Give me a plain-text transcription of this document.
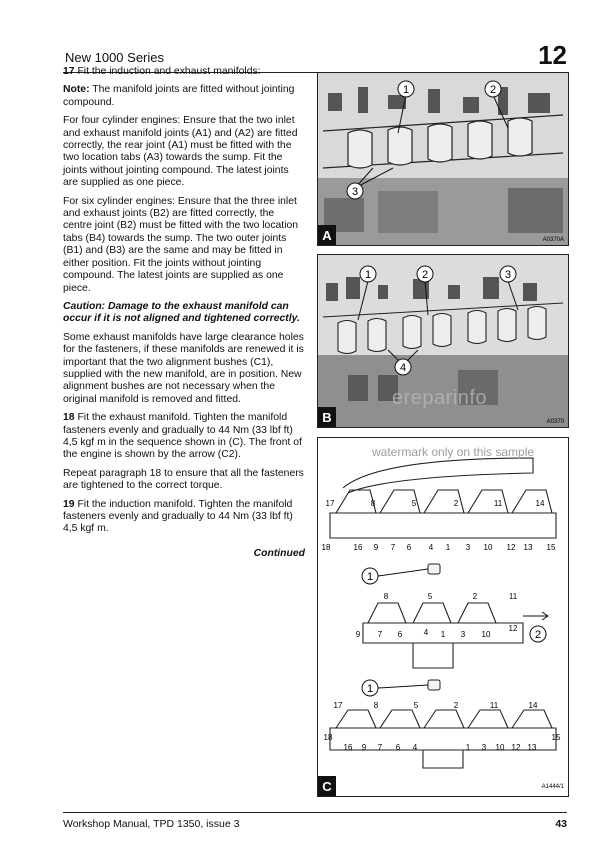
New 1000 Series	12

17 Fit the induction and exhaust manifolds:

Note: The manifold joints are fitted without jointing compound.

For four cylinder engines: Ensure that the two inlet and exhaust manifold joints (A1) and (A2) are fitted correctly, the rear joint (A1) must be fitted with the two location tabs (A3) towards the sump. Fit the joints without jointing compound. The latest joints are supplied as one piece.

For six cylinder engines: Ensure that the three inlet and exhaust joints (B2) are fitted correctly, the centre joint (B2) must be fitted with the two location tabs (B4) towards the sump. The two outer joints (B1) and (B3) are the same and may be fitted in either position. Fit the joints without jointing compound. The latest joints are supplied as one piece.

Caution: Damage to the exhaust manifold can occur if it is not aligned and tightened correctly.

Some exhaust manifolds have large clearance holes for the fasteners, if these manifolds are renewed it is important that the two alignment bushes (C1), supplied with the new manifold, are in position. New alignment bushes are not necessary when the original manifold is removed and fitted.

18 Fit the exhaust manifold. Tighten the manifold fasteners evenly and gradually to 44 Nm (33 lbf ft) 4,5 kgf m in the sequence shown in (C). The front of the engine is shown by the arrow (C2).

Repeat paragraph 18 to ensure that all the fasteners are tightened to the correct torque.

19 Fit the induction manifold. Tighten the manifold fasteners evenly and gradually to 44 Nm (33 lbf ft) 4,5 kgf m.

Continued
1	2
3
A	A0370A
1	2	3
4
B	A0370
1
1
2
17	8	5	2	11	14
18	16 9 7 6 4 1 3 10 12 13 15
8	5	2	11
9 7 6	4 1 3 10
12
17	8	5	2	11	14
18
16 9 7 6 4	1 3 10 12 13
15
C	A1444/1
ereparinfo
watermark only on this sample
Workshop Manual, TPD 1350, issue 3	43
